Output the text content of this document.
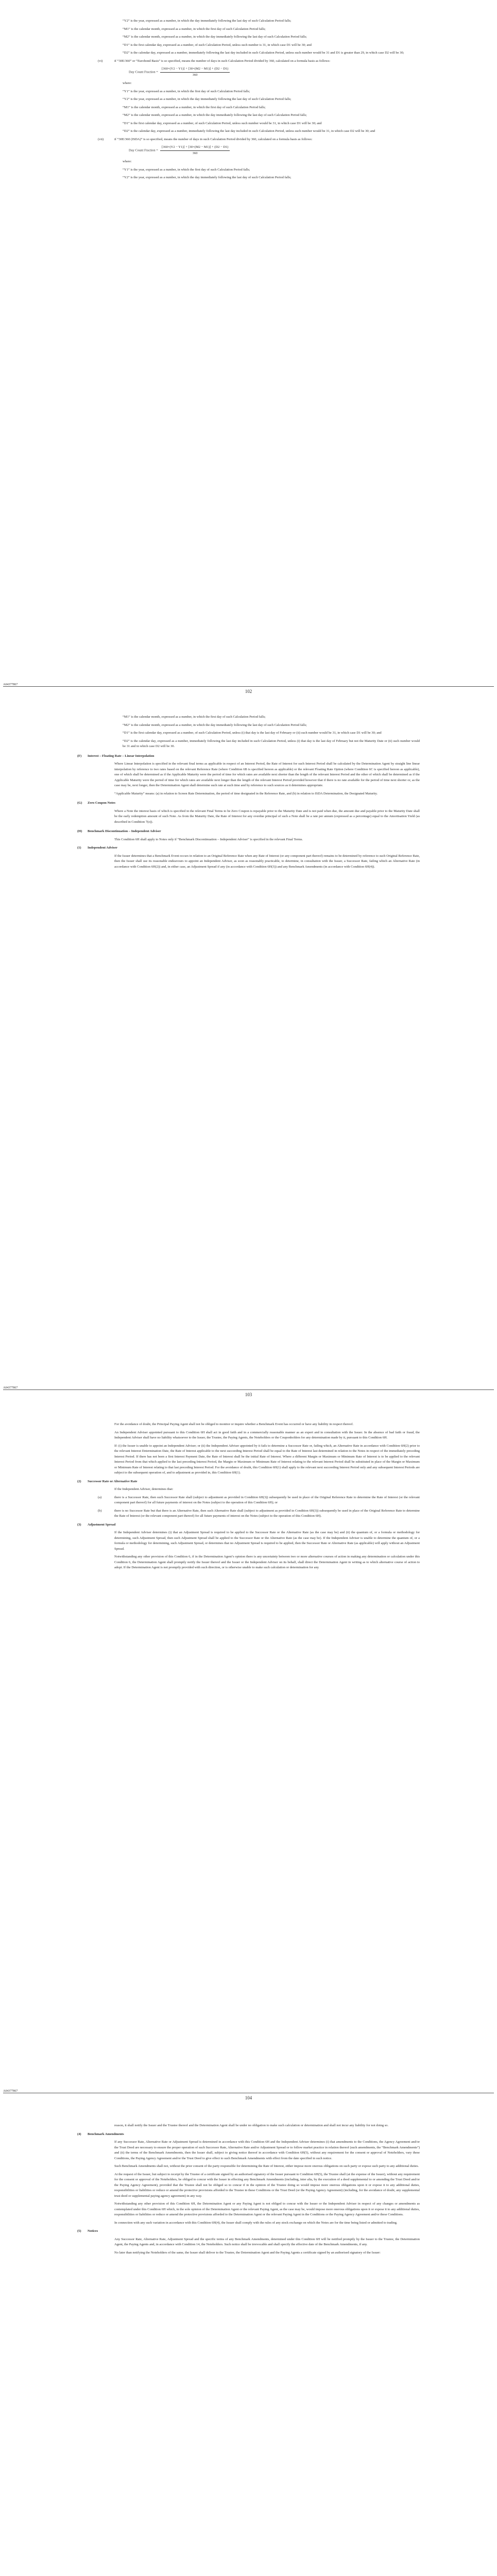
“Y2” is the year, expressed as a number, in which the day immediately following the last day of such Calculation Period falls;

“M1” is the calendar month, expressed as a number, in which the first day of such Calculation Period falls;

“M2” is the calendar month, expressed as a number, in which the day immediately following the last day of such Calculation Period falls;

“D1” is the first calendar day, expressed as a number, of such Calculation Period, unless such number is 31, in which case D1 will be 30; and

“D2” is the calendar day, expressed as a number, immediately following the last day included in such Calculation Period, unless such number would be 31 and D1 is greater than 29, in which case D2 will be 30;

(vi)	if “30E/360” or “Eurobond Basis” is so specified, means the number of days in such Calculation Period divided by 360, calculated on a formula basis as follows:

Day Count Fraction = $\frac{[360\times(Y2 - Y1)] + [30\times(M2 - M1)] + (D2 - D1)}{360}$

where:

“Y1” is the year, expressed as a number, in which the first day of such Calculation Period falls;

“Y2” is the year, expressed as a number, in which the day immediately following the last day of such Calculation Period falls;

“M1” is the calendar month, expressed as a number, in which the first day of such Calculation Period falls;

“M2” is the calendar month, expressed as a number, in which the day immediately following the last day of such Calculation Period falls;

“D1” is the first calendar day, expressed as a number, of such Calculation Period, unless such number would be 31, in which case D1 will be 30; and

“D2” is the calendar day, expressed as a number, immediately following the last day included in such Calculation Period, unless such number would be 31, in which case D2 will be 30; and

(vii)	if “30E/360 (ISDA)” is so specified, means the number of days in such Calculation Period divided by 360, calculated on a formula basis as follows:

Day Count Fraction = $\frac{[360\times(Y2 - Y1)] + [30\times(M2 - M1)] + (D2 - D1)}{360}$

where:

“Y1” is the year, expressed as a number, in which the first day of such Calculation Period falls;

“Y2” is the year, expressed as a number, in which the day immediately following the last day of such Calculation Period falls;

A04377867
102

“M1” is the calendar month, expressed as a number, in which the first day of such Calculation Period falls;

“M2” is the calendar month, expressed as a number, in which the day immediately following the last day of such Calculation Period falls;

“D1” is the first calendar day, expressed as a number, of such Calculation Period, unless (i) that day is the last day of February or (ii) such number would be 31, in which case D1 will be 30; and

“D2” is the calendar day, expressed as a number, immediately following the last day included in such Calculation Period, unless (i) that day is the last day of February but not the Maturity Date or (ii) such number would be 31 and in which case D2 will be 30.

(F) Interest – Floating Rate – Linear Interpolation

Where Linear Interpolation is specified in the relevant final terms as applicable in respect of an Interest Period, the Rate of Interest for such Interest Period shall be calculated by the Determination Agent by straight line linear interpolation by reference to two rates based on the relevant Reference Rate (where Condition 6B is specified hereon as applicable) or the relevant Floating Rate Option (where Condition 6C is specified hereon as applicable), one of which shall be determined as if the Applicable Maturity were the period of time for which rates are available next shorter than the length of the relevant Interest Period and the other of which shall be determined as if the Applicable Maturity were the period of time for which rates are available next longer than the length of the relevant Interest Period provided however that if there is no rate available for the period of time next shorter or, as the case may be, next longer, then the Determination Agent shall determine such rate at such time and by reference to such sources as it determines appropriate.

“Applicable Maturity” means: (a) in relation to Screen Rate Determination, the period of time designated in the Reference Rate, and (b) in relation to ISDA Determination, the Designated Maturity.

(G) Zero Coupon Notes

Where a Note the interest basis of which is specified in the relevant Final Terms to be Zero Coupon is repayable prior to the Maturity Date and is not paid when due, the amount due and payable prior to the Maturity Date shall be the early redemption amount of such Note. As from the Maturity Date, the Rate of Interest for any overdue principal of such a Note shall be a rate per annum (expressed as a percentage) equal to the Amortisation Yield (as described in Condition 7(e)).

(H) Benchmark Discontinuation – Independent Adviser

This Condition 6H shall apply to Notes only if “Benchmark Discontinuation – Independent Adviser” is specified in the relevant Final Terms.

(1) Independent Adviser

If the Issuer determines that a Benchmark Event occurs in relation to an Original Reference Rate when any Rate of Interest (or any component part thereof) remains to be determined by reference to such Original Reference Rate, then the Issuer shall use its reasonable endeavours to appoint an Independent Adviser, as soon as reasonably practicable, to determine, in consultation with the Issuer, a Successor Rate, failing which an Alternative Rate (in accordance with Condition 6H(2)) and, in either case, an Adjustment Spread if any (in accordance with Condition 6H(3)) and any Benchmark Amendments (in accordance with Condition 6H(4)).

A04377867
103

For the avoidance of doubt, the Principal Paying Agent shall not be obliged to monitor or inquire whether a Benchmark Event has occurred or have any liability in respect thereof.

An Independent Adviser appointed pursuant to this Condition 6H shall act in good faith and in a commercially reasonable manner as an expert and in consultation with the Issuer. In the absence of bad faith or fraud, the Independent Adviser shall have no liability whatsoever to the Issuer, the Trustee, the Paying Agents, the Noteholders or the Couponholders for any determination made by it, pursuant to this Condition 6H.

If: (i) the Issuer is unable to appoint an Independent Adviser; or (ii) the Independent Adviser appointed by it fails to determine a Successor Rate or, failing which, an Alternative Rate in accordance with Condition 6H(2) prior to the relevant Interest Determination Date, the Rate of Interest applicable to the next succeeding Interest Period shall be equal to the Rate of Interest last determined in relation to the Notes in respect of the immediately preceding Interest Period. If there has not been a first Interest Payment Date, the Rate of Interest shall be the initial Rate of Interest. Where a different Margin or Maximum or Minimum Rate of Interest is to be applied to the relevant Interest Period from that which applied to the last preceding Interest Period, the Margin or Maximum or Minimum Rate of Interest relating to the relevant Interest Period shall be substituted in place of the Margin or Maximum or Minimum Rate of Interest relating to that last preceding Interest Period. For the avoidance of doubt, this Condition 6H(1) shall apply to the relevant next succeeding Interest Period only and any subsequent Interest Periods are subject to the subsequent operation of, and to adjustment as provided in, this Condition 6H(1).

(2) Successor Rate or Alternative Rate

If the Independent Adviser, determines that:

(a)	there is a Successor Rate, then such Successor Rate shall (subject to adjustment as provided in Condition 6H(3)) subsequently be used in place of the Original Reference Rate to determine the Rate of Interest (or the relevant component part thereof) for all future payments of interest on the Notes (subject to the operation of this Condition 6H); or

(b)	there is no Successor Rate but that there is an Alternative Rate, then such Alternative Rate shall (subject to adjustment as provided in Condition 6H(3)) subsequently be used in place of the Original Reference Rate to determine the Rate of Interest (or the relevant component part thereof) for all future payments of interest on the Notes (subject to the operation of this Condition 6H).

(3) Adjustment Spread

If the Independent Adviser determines (i) that an Adjustment Spread is required to be applied to the Successor Rate or the Alternative Rate (as the case may be) and (ii) the quantum of, or a formula or methodology for determining, such Adjustment Spread, then such Adjustment Spread shall be applied to the Successor Rate or the Alternative Rate (as the case may be). If the Independent Adviser is unable to determine the quantum of, or a formula or methodology for determining, such Adjustment Spread, or determines that no Adjustment Spread is required to be applied, then the Successor Rate or Alternative Rate (as applicable) will apply without an Adjustment Spread.

Notwithstanding any other provision of this Condition 6, if in the Determination Agent’s opinion there is any uncertainty between two or more alternative courses of action in making any determination or calculation under this Condition 6, the Determination Agent shall promptly notify the Issuer thereof and the Issuer or the Independent Adviser on its behalf, shall direct the Determination Agent in writing as to which alternative course of action to adopt. If the Determination Agent is not promptly provided with such direction, or is otherwise unable to make such calculation or determination for any

A04377867
104

reason, it shall notify the Issuer and the Trustee thereof and the Determination Agent shall be under no obligation to make such calculation or determination and shall not incur any liability for not doing so.

(4) Benchmark Amendments

If any Successor Rate, Alternative Rate or Adjustment Spread is determined in accordance with this Condition 6H and the Independent Adviser determines (i) that amendments to the Conditions, the Agency Agreement and/or the Trust Deed are necessary to ensure the proper operation of such Successor Rate, Alternative Rate and/or Adjustment Spread or to follow market practice in relation thereof (such amendments, the “Benchmark Amendments”) and (ii) the terms of the Benchmark Amendments, then the Issuer shall, subject to giving notice thereof in accordance with Condition 6H(5), without any requirement for the consent or approval of Noteholders, vary these Conditions, the Paying Agency Agreement and/or the Trust Deed to give effect to such Benchmark Amendments with effect from the date specified in such notice.

Such Benchmark Amendments shall not, without the prior consent of the party responsible for determining the Rate of Interest, either impose more onerous obligations on such party or expose such party to any additional duties.

At the request of the Issuer, but subject to receipt by the Trustee of a certificate signed by an authorised signatory of the Issuer pursuant to Condition 6H(5), the Trustee shall (at the expense of the Issuer), without any requirement for the consent or approval of the Noteholders, be obliged to concur with the Issuer in effecting any Benchmark Amendments (including, inter alia, by the execution of a deed supplemental to or amending the Trust Deed and/or the Paying Agency Agreement), provided that the Trustee shall not be obliged so to concur if in the opinion of the Trustee doing so would impose more onerous obligations upon it or expose it to any additional duties, responsibilities or liabilities or reduce or amend the protective provisions afforded to the Trustee in these Conditions or the Trust Deed (or the Paying Agency Agreement) (including, for the avoidance of doubt, any supplemental trust deed or supplemental paying agency agreement) in any way.

Notwithstanding any other provision of this Condition 6H, the Determination Agent or any Paying Agent is not obliged to concur with the Issuer or the Independent Adviser in respect of any changes or amendments as contemplated under this Condition 6H which, in the sole opinion of the Determination Agent or the relevant Paying Agent, as the case may be, would impose more onerous obligations upon it or expose it to any additional duties, responsibilities or liabilities or reduce or amend the protective provisions afforded to the Determination Agent or the relevant Paying Agent in the Conditions or the Paying Agency Agreement and/or these Conditions.

In connection with any such variation in accordance with this Condition 6H(4), the Issuer shall comply with the rules of any stock exchange on which the Notes are for the time being listed or admitted to trading.

(5) Notices

Any Successor Rate, Alternative Rate, Adjustment Spread and the specific terms of any Benchmark Amendments, determined under this Condition 6H will be notified promptly by the Issuer to the Trustee, the Determination Agent, the Paying Agents and, in accordance with Condition 14, the Noteholders. Such notice shall be irrevocable and shall specify the effective date of the Benchmark Amendments, if any.

No later than notifying the Noteholders of the same, the Issuer shall deliver to the Trustee, the Determination Agent and the Paying Agents a certificate signed by an authorised signatory of the Issuer:
